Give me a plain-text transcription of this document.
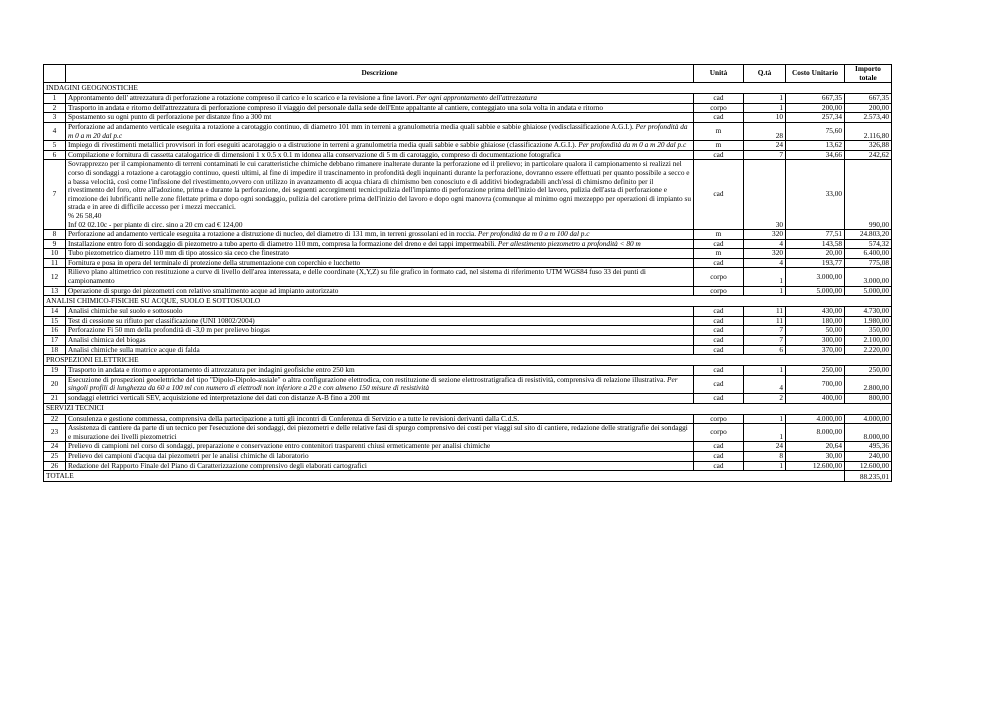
	Descrizione	Unità	Q.tà	Costo Unitario	Importo totale
INDAGINI GEOGNOSTICHE					
1	Approntamento dell' attrezzatura di perforazione a rotazione compreso il carico e lo scarico e la revisione a fine lavori. Per ogni approntamento dell'attrezzatura	cad	1	667,35	667,35
2	Trasporto in andata e ritorno dell'attrezzatura di perforazione compreso il viaggio del personale dalla sede dell'Ente appaltante al cantiere, conteggiato una sola volta in andata e ritorno	corpo	1	200,00	200,00
3	Spostamento su ogni punto di perforazione per distanze fino a 300 mt	cad	10	257,34	2.573,40
4	Perforazione ad andamento verticale eseguita a rotazione a carotaggio continuo, di diametro 101 mm in terreni a granulometria media quali sabbie e sabbie ghiaiose (vedisclassificazione A.G.I.). Per profondità da m 0 a m 20 dal p.c	m	28	75,60	2.116,80
5	Impiego di rivestimenti metallici provvisori in fori eseguiti acarotaggio o a distruzione in terreni a granulometria media quali sabbie e sabbie ghiaiose (classificazione A.G.I.). Per profondità da m 0 a m 20 dal p.c	m	24	13,62	326,88
6	Compilazione e fornitura di cassetta catalogatrice di dimensioni 1 x 0.5 x 0.1 m idonea alla conservazione di 5 m di carotaggio, compreso di documentazione fotografica	cad	7	34,66	242,62
7	Sovrapprezzo per il campionamento di terreni contaminati le cui caratteristiche chimiche debbano rimanere inalterate durante la perforazione ed il prelievo; in particolare qualora il campionamento si realizzi nel corso di sondaggi a rotazione a carotaggio continuo, questi ultimi, al fine di impedire il trascinamento in profondità degli inquinanti durante la perforazione, dovranno essere effettuati per quanto possibile a secco e a bassa velocità, così come l'infissione del rivestimento,ovvero con utilizzo in avanzamento di acqua chiara di chimismo ben conosciuto e di additivi biodegradabili anch'essi di chimismo definito per il rivestimento del foro, oltre all'adozione, prima e durante la perforazione, dei seguenti accorgimenti tecnici:pulizia dell'impianto di perforazione prima dell'inizio del lavoro, pulizia dell'asta di perforazione e rimozione dei lubrificanti nelle zone filettate prima e dopo ogni sondaggio, pulizia del carotiere prima dell'inizio del lavoro e dopo ogni manovra (comunque al minimo ogni mezzeppo per operazioni di impianto su strada e in aree di difficile accesso per i mezzi meccanici.
% 26 58,40
Inf 02 02.10c - per piante di circ. sino a 20 cm cad € 124,00	cad	30	33,00	990,00
8	Perforazione ad andamento verticale eseguita a rotazione a distruzione di nucleo, del diametro di 131 mm, in terreni grossolani ed in roccia. Per profondità da m 0 a m 100 dal p.c	m	320	77,51	24.803,20
9	Installazione entro foro di sondaggio di piezometro a tubo aperto di diametro 110 mm, compresa la formazione del dreno e dei tappi impermeabili. Per allestimento piezometro a profondità < 80 m	cad	4	143,58	574,32
10	Tubo piezometrico diametro 110 mm di tipo atossico sia ceco che finestrato	m	320	20,00	6.400,00
11	Fornitura e posa in opera del terminale di protezione della strumentazione con coperchio e lucchetto	cad	4	193,77	775,08
12	Rilievo plano altimetrico con restituzione a curve di livello dell'area interessata, e delle coordinate (X,Y,Z) su file grafico in formato cad, nel sistema di riferimento UTM WGS84 fuso 33 dei punti di campionamento	corpo	1	3.000,00	3.000,00
13	Operazione di spurgo dei piezometri con relativo smaltimento acque ad impianto autorizzato	corpo	1	5.000,00	5.000,00
ANALISI CHIMICO-FISICHE SU ACQUE, SUOLO E SOTTOSUOLO					
14	Analisi chimiche sul suolo e sottosuolo	cad	11	430,00	4.730,00
15	Test di cessione su rifiuto per classificazione (UNI 10802/2004)	cad	11	180,00	1.980,00
16	Perforazione Fi 50 mm della profondità di -3,0 m per prelievo biogas	cad	7	50,00	350,00
17	Analisi chimica del biogas	cad	7	300,00	2.100,00
18	Analisi chimiche sulla matrice acque di falda	cad	6	370,00	2.220,00
PROSPEZIONI ELETTRICHE					
19	Trasporto in andata e ritorno e approntamento di attrezzatura per indagini geofisiche entro 250 km	cad	1	250,00	250,00
20	Esecuzione di prospezioni geoelettriche del tipo "Dipolo-Dipolo-assiale" o altra configurazione elettrodica, con restituzione di sezione elettrostratigrafica di resistività, comprensiva di relazione illustrativa. Per singoli profili di lunghezza da 60 a 100 ml con numero di elettrodi non inferiore a 20 e con almeno 150 misure di resistività	cad	4	700,00	2.800,00
21	sondaggi elettrici verticali SEV, acquisizione ed interpretazione dei dati con distanze A-B fino a 200 mt	cad	2	400,00	800,00
SERVIZI TECNICI					
22	Consulenza e gestione commessa, comprensiva della partecipazione a tutti gli incontri di Conferenza di Servizio e a tutte le revisioni derivanti dalla C.d.S.	corpo	1	4.000,00	4.000,00
23	Assistenza di cantiere da parte di un tecnico per l'esecuzione dei sondaggi, dei piezometri e delle relative fasi di spurgo comprensivo dei costi per viaggi sul sito di cantiere, redazione delle stratigrafie dei sondaggi e misurazione dei livelli piezometrici	corpo	1	8.000,00	8.000,00
24	Prelievo di campioni nel corso di sondaggi, preparazione e conservazione entro contenitori trasparenti chiusi ermeticamente per analisi chimiche	cad	24	20,64	495,36
25	Prelievo dei campioni d'acqua dai piezometri per le analisi chimiche di laboratorio	cad	8	30,00	240,00
26	Redazione del Rapporto Finale del Piano di Caratterizzazione comprensivo degli elaborati cartografici	cad	1	12.600,00	12.600,00
TOTALE					88.235,01
